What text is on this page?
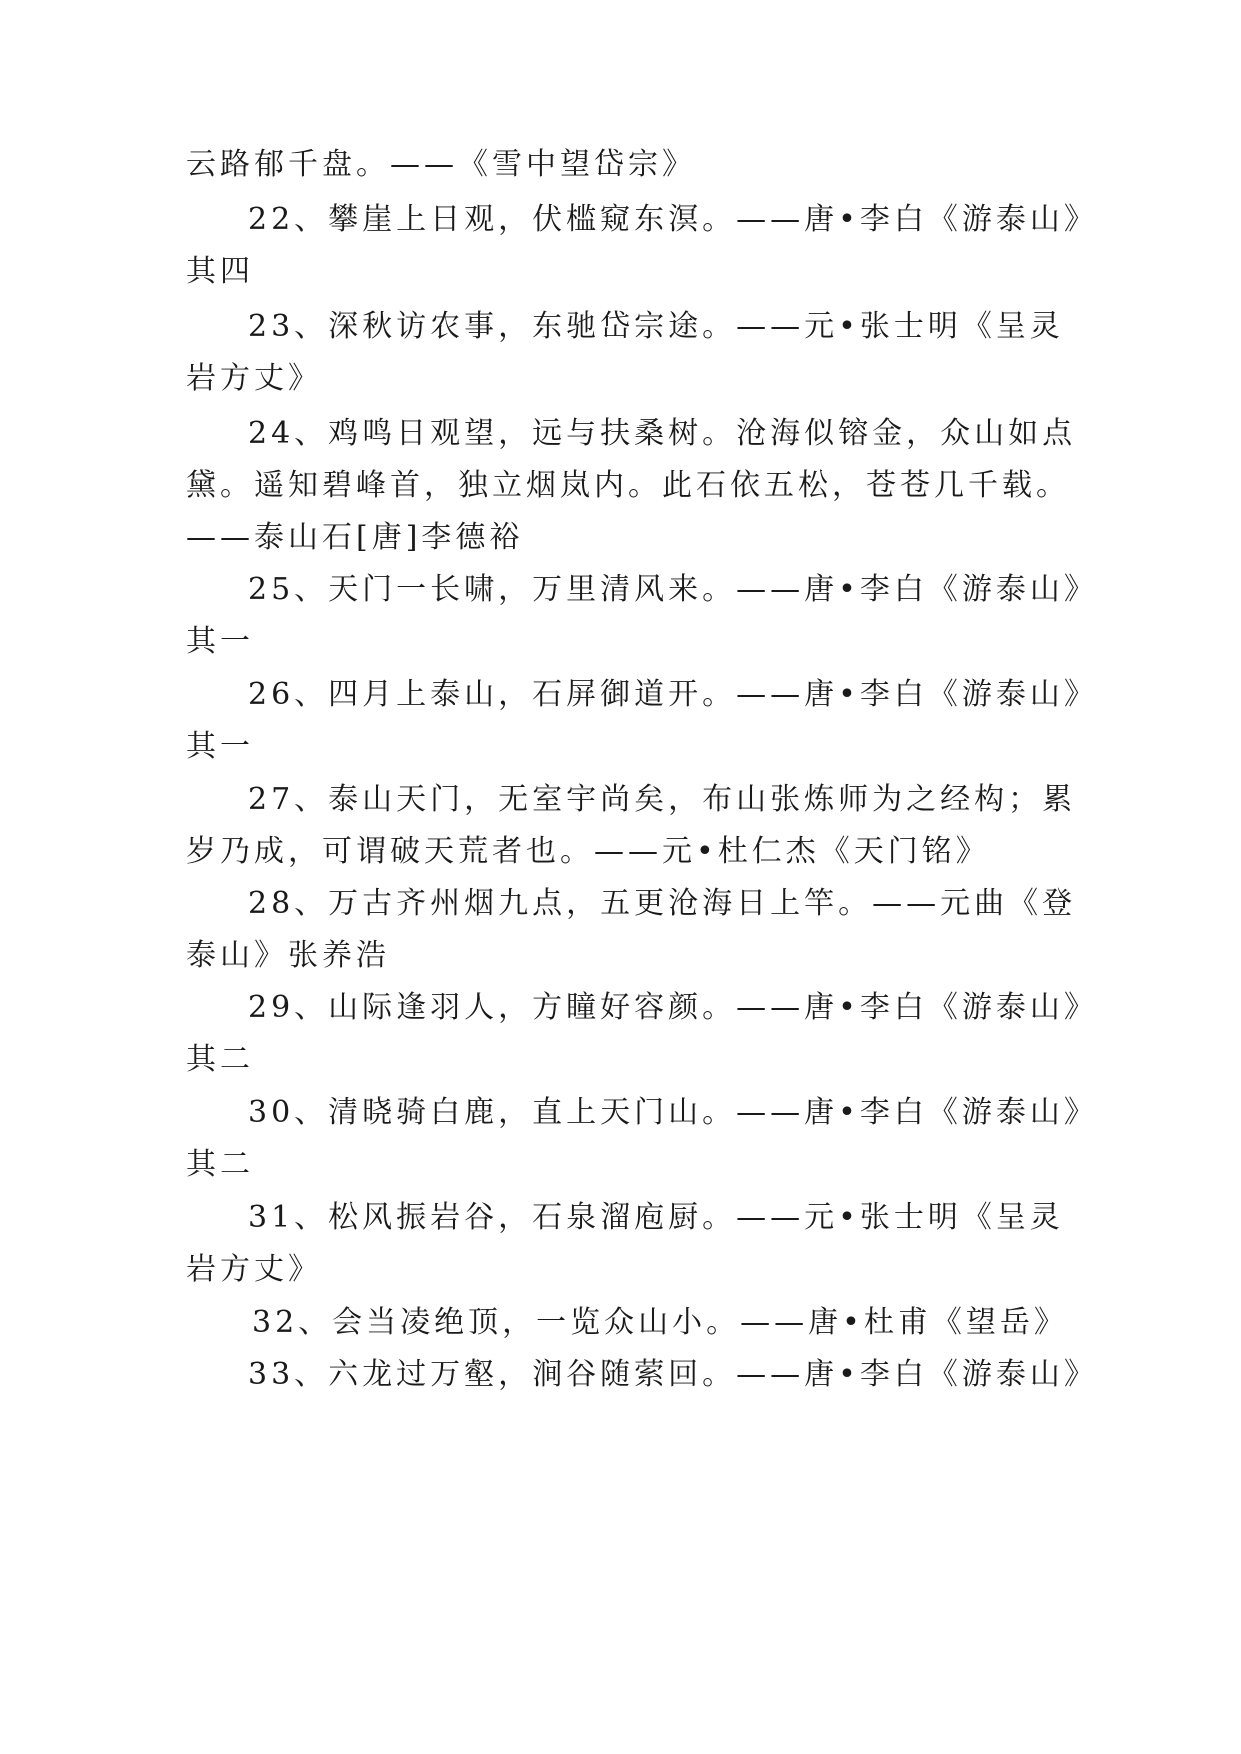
云路郁千盘。——《雪中望岱宗》
22、攀崖上日观，伏槛窥东溟。——唐•李白《游泰山》
其四
23、深秋访农事，东驰岱宗途。——元•张士明《呈灵
岩方丈》
24、鸡鸣日观望，远与扶桑树。沧海似镕金，众山如点
黛。遥知碧峰首，独立烟岚内。此石依五松，苍苍几千载。
——泰山石[唐]李德裕
25、天门一长啸，万里清风来。——唐•李白《游泰山》
其一
26、四月上泰山，石屏御道开。——唐•李白《游泰山》
其一
27、泰山天门，无室宇尚矣，布山张炼师为之经构；累
岁乃成，可谓破天荒者也。——元•杜仁杰《天门铭》
28、万古齐州烟九点，五更沧海日上竿。——元曲《登
泰山》张养浩
29、山际逢羽人，方瞳好容颜。——唐•李白《游泰山》
其二
30、清晓骑白鹿，直上天门山。——唐•李白《游泰山》
其二
31、松风振岩谷，石泉溜庖厨。——元•张士明《呈灵
岩方丈》
32、会当凌绝顶，一览众山小。——唐•杜甫《望岳》
33、六龙过万壑，涧谷随萦回。——唐•李白《游泰山》
